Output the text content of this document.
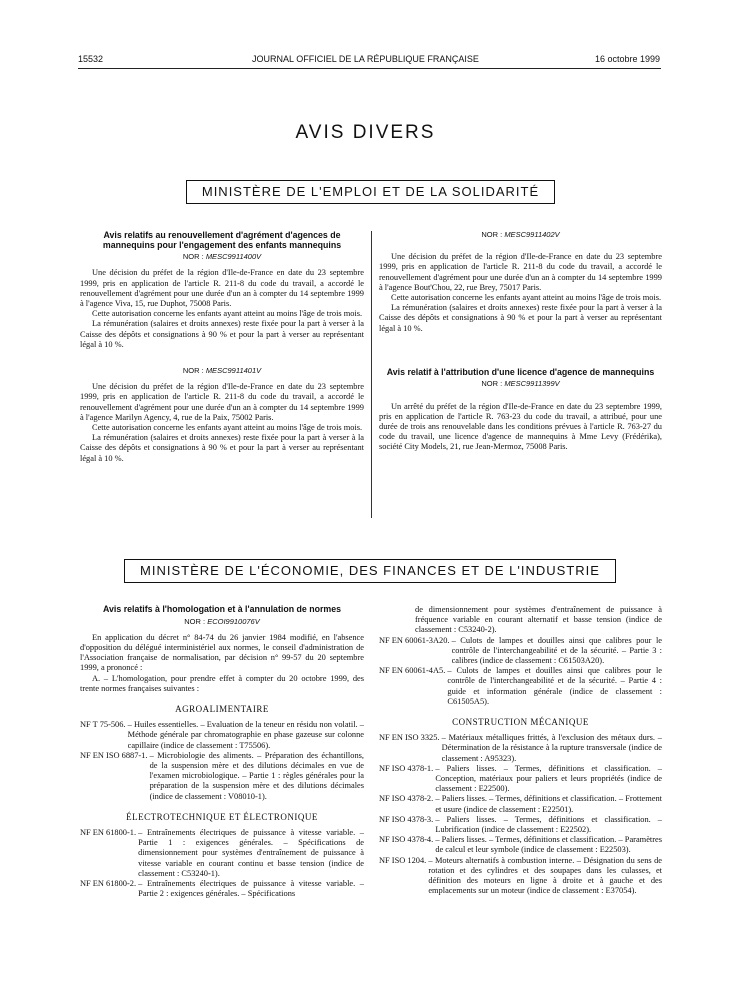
15532	JOURNAL OFFICIEL DE LA RÉPUBLIQUE FRANÇAISE	16 octobre 1999
AVIS DIVERS
MINISTÈRE DE L'EMPLOI ET DE LA SOLIDARITÉ
Avis relatifs au renouvellement d'agrément d'agences de mannequins pour l'engagement des enfants mannequins
NOR : MESC9911400V

Une décision du préfet de la région d'Ile-de-France en date du 23 septembre 1999, pris en application de l'article R. 211-8 du code du travail, a accordé le renouvellement d'agrément pour une durée d'un an à compter du 14 septembre 1999 à l'agence Viva, 15, rue Duphot, 75008 Paris.

Cette autorisation concerne les enfants ayant atteint au moins l'âge de trois mois.

La rémunération (salaires et droits annexes) reste fixée pour la part à verser à la Caisse des dépôts et consignations à 90 % et pour la part à verser au représentant légal à 10 %.

NOR : MESC9911401V

Une décision du préfet de la région d'Ile-de-France en date du 23 septembre 1999, pris en application de l'article R. 211-8 du code du travail, a accordé le renouvellement d'agrément pour une durée d'un an à compter du 14 septembre 1999 à l'agence Marilyn Agency, 4, rue de la Paix, 75002 Paris.

Cette autorisation concerne les enfants ayant atteint au moins l'âge de trois mois.

La rémunération (salaires et droits annexes) reste fixée pour la part à verser à la Caisse des dépôts et consignations à 90 % et pour la part à verser au représentant légal à 10 %.

NOR : MESC9911402V

Une décision du préfet de la région d'Ile-de-France en date du 23 septembre 1999, pris en application de l'article R. 211-8 du code du travail, a accordé le renouvellement d'agrément pour une durée d'un an à compter du 14 septembre 1999 à l'agence Bout'Chou, 22, rue Brey, 75017 Paris.

Cette autorisation concerne les enfants ayant atteint au moins l'âge de trois mois.

La rémunération (salaires et droits annexes) reste fixée pour la part à verser à la Caisse des dépôts et consignations à 90 % et pour la part à verser au représentant légal à 10 %.

Avis relatif à l'attribution d'une licence d'agence de mannequins
NOR : MESC9911399V

Un arrêté du préfet de la région d'Ile-de-France en date du 23 septembre 1999, pris en application de l'article R. 763-23 du code du travail, a attribué, pour une durée de trois ans renouvelable dans les conditions prévues à l'article R. 763-27 du code du travail, une licence d'agence de mannequins à Mme Levy (Frédérika), société City Models, 21, rue Jean-Mermoz, 75008 Paris.

MINISTÈRE DE L'ÉCONOMIE, DES FINANCES ET DE L'INDUSTRIE
Avis relatifs à l'homologation et à l'annulation de normes
NOR : ECOI9910076V

En application du décret n° 84-74 du 26 janvier 1984 modifié, en l'absence d'opposition du délégué interministériel aux normes, le conseil d'administration de l'Association française de normalisation, par décision n° 99-57 du 20 septembre 1999, a prononcé :

A. – L'homologation, pour prendre effet à compter du 20 octobre 1999, des trente normes françaises suivantes :

AGROALIMENTAIRE
NF T 75-506.
– Huiles essentielles. – Evaluation de la teneur en résidu non volatil. – Méthode générale par chromatographie en phase gazeuse sur colonne capillaire (indice de classement : T75506).
NF EN ISO 6887-1.
– Microbiologie des aliments. – Préparation des échantillons, de la suspension mère et des dilutions décimales en vue de l'examen microbiologique. – Partie 1 : règles générales pour la préparation de la suspension mère et des dilutions décimales (indice de classement : V08010-1).
ÉLECTROTECHNIQUE ET ÉLECTRONIQUE
NF EN 61800-1.
– Entraînements électriques de puissance à vitesse variable. – Partie 1 : exigences générales. – Spécifications de dimensionnement pour systèmes d'entraînement de puissance à vitesse variable en courant continu et basse tension (indice de classement : C53240-1).
NF EN 61800-2.
– Entraînements électriques de puissance à vitesse variable. – Partie 2 : exigences générales. – Spécifications
de dimensionnement pour systèmes d'entraînement de puissance à fréquence variable en courant alternatif et basse tension (indice de classement : C53240-2).
NF EN 60061-3A20.
– Culots de lampes et douilles ainsi que calibres pour le contrôle de l'interchangeabilité et de la sécurité. – Partie 3 : calibres (indice de classement : C61503A20).
NF EN 60061-4A5.
– Culots de lampes et douilles ainsi que calibres pour le contrôle de l'interchangeabilité et de la sécurité. – Partie 4 : guide et information générale (indice de classement : C61505A5).
CONSTRUCTION MÉCANIQUE
NF EN ISO 3325.
– Matériaux métalliques frittés, à l'exclusion des métaux durs. – Détermination de la résistance à la rupture transversale (indice de classement : A95323).
NF ISO 4378-1.
– Paliers lisses. – Termes, définitions et classification. – Conception, matériaux pour paliers et leurs propriétés (indice de classement : E22500).
NF ISO 4378-2.
– Paliers lisses. – Termes, définitions et classification. – Frottement et usure (indice de classement : E22501).
NF ISO 4378-3.
– Paliers lisses. – Termes, définitions et classification. – Lubrification (indice de classement : E22502).
NF ISO 4378-4.
– Paliers lisses. – Termes, définitions et classification. – Paramètres de calcul et leur symbole (indice de classement : E22503).
NF ISO 1204.
– Moteurs alternatifs à combustion interne. – Désignation du sens de rotation et des cylindres et des soupapes dans les culasses, et définition des moteurs en ligne à droite et à gauche et des emplacements sur un moteur (indice de classement : E37054).
